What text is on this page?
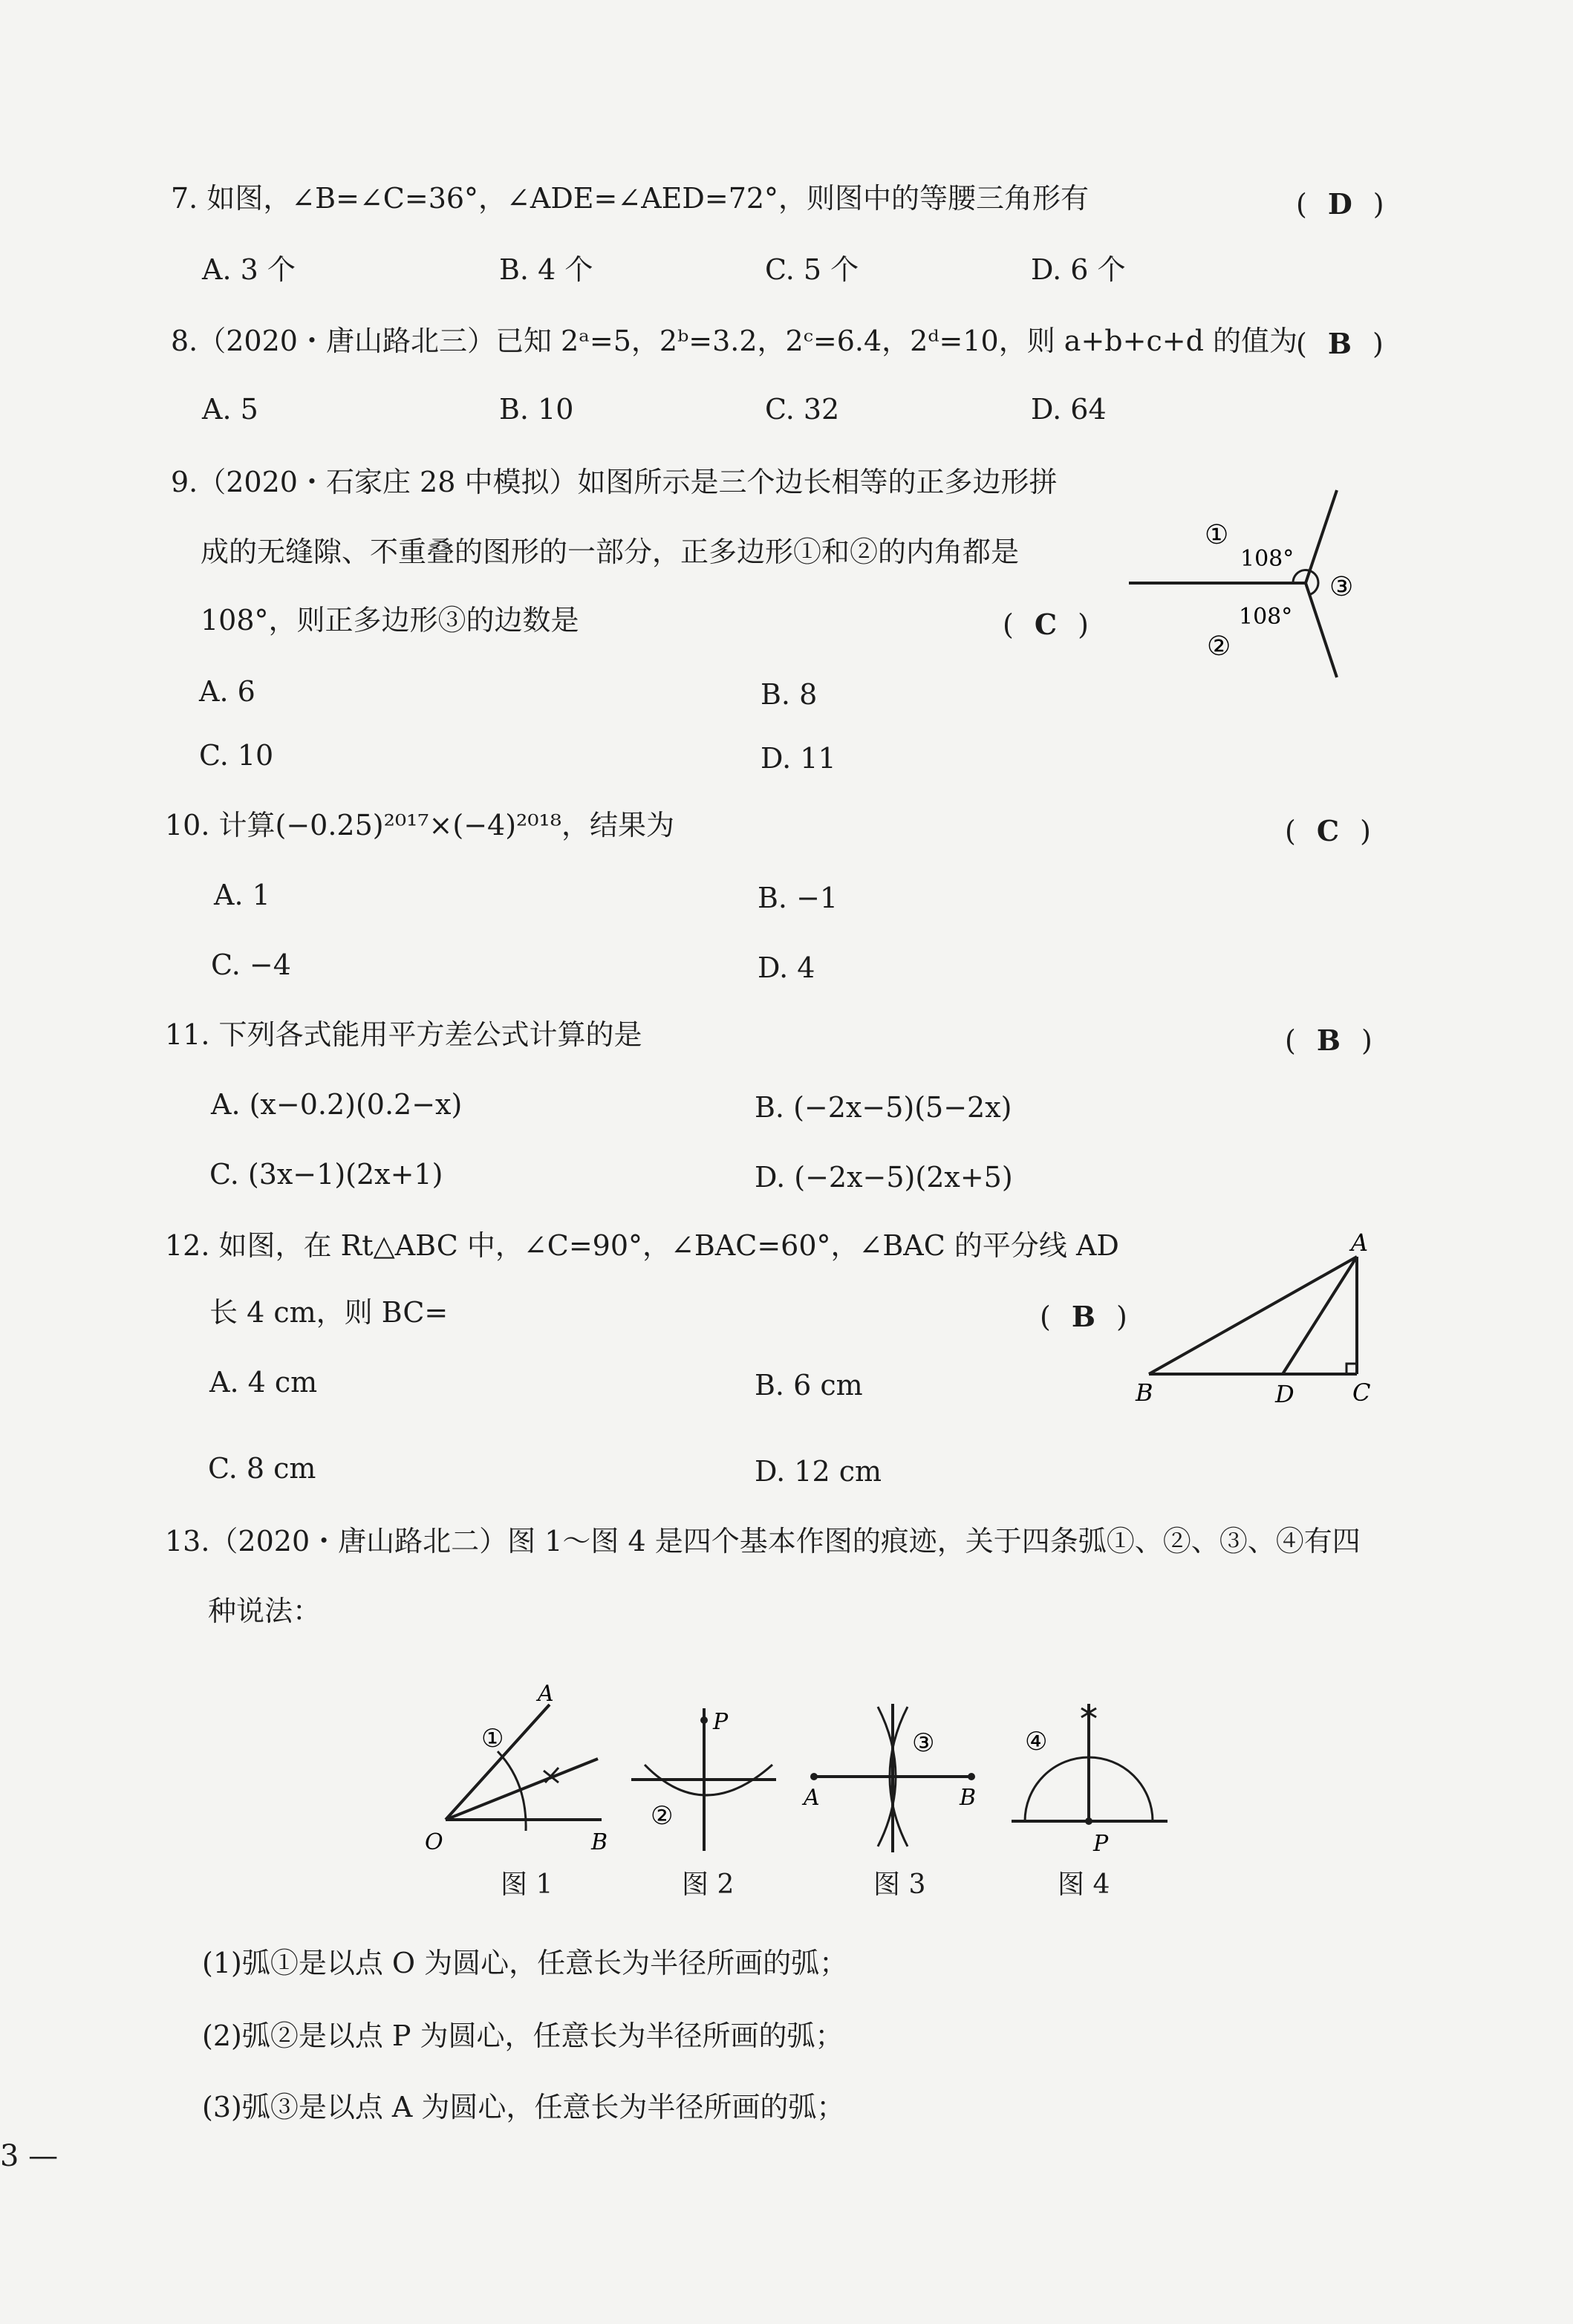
7. 如图，∠B=∠C=36°，∠ADE=∠AED=72°，则图中的等腰三角形有	( D )
A. 3 个	B. 4 个	C. 5 个	D. 6 个
8.（2020・唐山路北三）已知 2ᵃ=5，2ᵇ=3.2，2ᶜ=6.4，2ᵈ=10，则 a+b+c+d 的值为
( B )
A. 5	B. 10	C. 32	D. 64
9.（2020・石家庄 28 中模拟）如图所示是三个边长相等的正多边形拼
成的无缝隙、不重叠的图形的一部分，正多边形①和②的内角都是
108°，则正多边形③的边数是	( C )
A. 6	B. 8
C. 10	D. 11
①
108°
③
108°
②
10. 计算(−0.25)²⁰¹⁷×(−4)²⁰¹⁸，结果为	( C )
A. 1	B. −1
C. −4	D. 4
11. 下列各式能用平方差公式计算的是	( B )
A. (x−0.2)(0.2−x)	B. (−2x−5)(5−2x)
C. (3x−1)(2x+1)	D. (−2x−5)(2x+5)
12. 如图，在 Rt△ABC 中，∠C=90°，∠BAC=60°，∠BAC 的平分线 AD
长 4 cm，则 BC=	( B )
A. 4 cm	B. 6 cm
C. 8 cm	D. 12 cm
A
B	D C
13.（2020・唐山路北二）图 1～图 4 是四个基本作图的痕迹，关于四条弧①、②、③、④有四
种说法：
A
①
O	B
图 1
P
②
图 2
③
A	B
图 3
④
P
图 4
(1)弧①是以点 O 为圆心，任意长为半径所画的弧；
(2)弧②是以点 P 为圆心，任意长为半径所画的弧；
(3)弧③是以点 A 为圆心，任意长为半径所画的弧；
3 —
